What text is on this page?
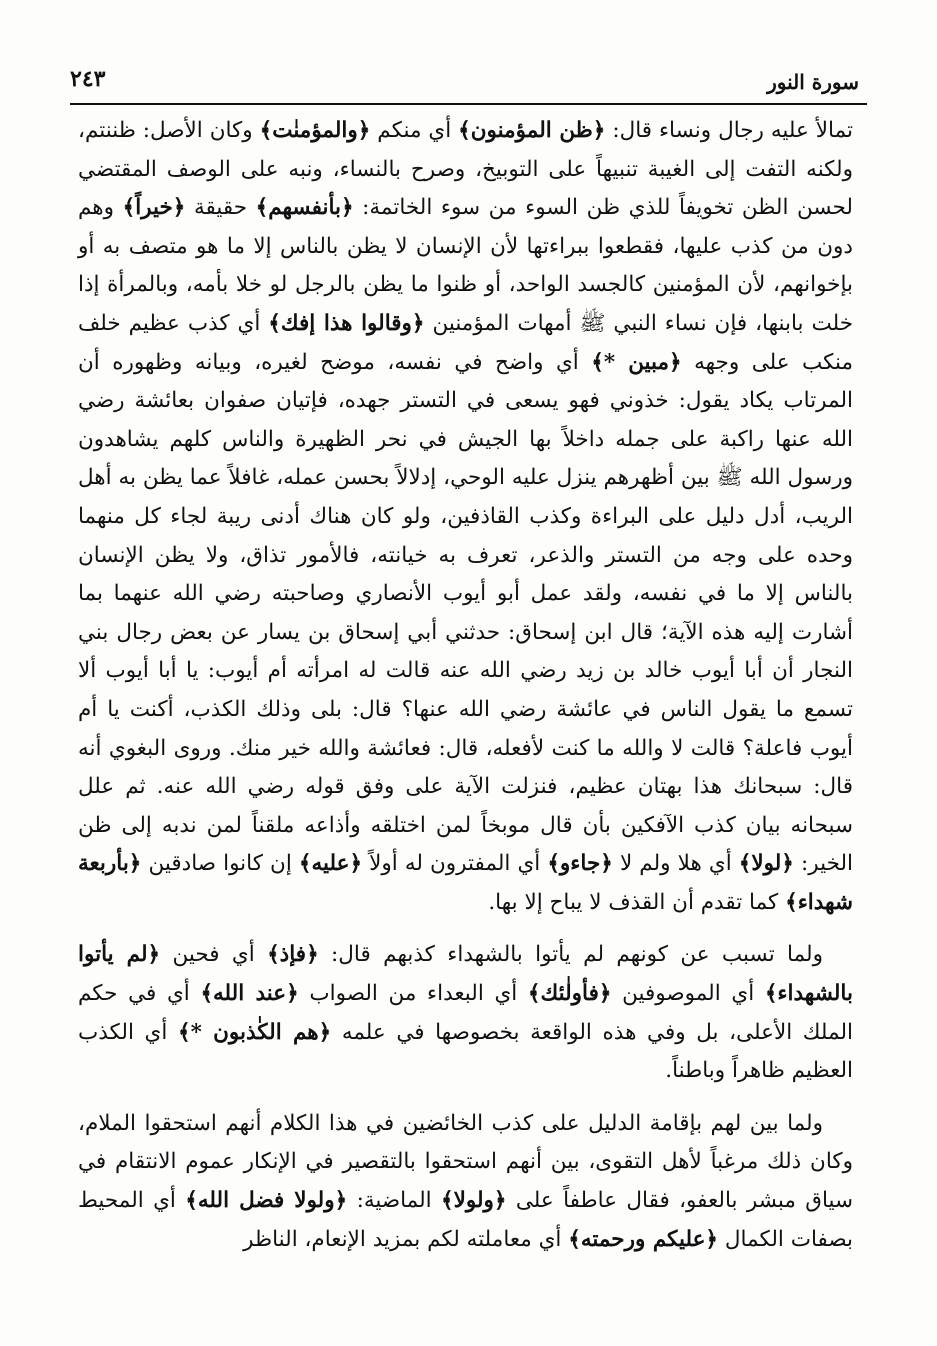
سورة النور
٢٤٣

تمالأ عليه رجال ونساء قال: ﴿ظن المؤمنون﴾ أي منكم ﴿والمؤمنٰت﴾ وكان الأصل: ظننتم، ولكنه التفت إلى الغيبة تنبيهاً على التوبيخ، وصرح بالنساء، ونبه على الوصف المقتضي لحسن الظن تخويفاً للذي ظن السوء من سوء الخاتمة: ﴿بأنفسهم﴾ حقيقة ﴿خيراً﴾ وهم دون من كذب عليها، فقطعوا ببراءتها لأن الإنسان لا يظن بالناس إلا ما هو متصف به أو بإخوانهم، لأن المؤمنين كالجسد الواحد، أو ظنوا ما يظن بالرجل لو خلا بأمه، وبالمرأة إذا خلت بابنها، فإن نساء النبي ﷺ أمهات المؤمنين ﴿وقالوا هذا إفك﴾ أي كذب عظيم خلف منكب على وجهه ﴿مبين *﴾ أي واضح في نفسه، موضح لغيره، وبيانه وظهوره أن المرتاب يكاد يقول: خذوني فهو يسعى في التستر جهده، فإتيان صفوان بعائشة رضي الله عنها راكبة على جمله داخلاً بها الجيش في نحر الظهيرة والناس كلهم يشاهدون ورسول الله ﷺ بين أظهرهم ينزل عليه الوحي، إدلالاً بحسن عمله، غافلاً عما يظن به أهل الريب، أدل دليل على البراءة وكذب القاذفين، ولو كان هناك أدنى ريبة لجاء كل منهما وحده على وجه من التستر والذعر، تعرف به خيانته، فالأمور تذاق، ولا يظن الإنسان بالناس إلا ما في نفسه، ولقد عمل أبو أيوب الأنصاري وصاحبته رضي الله عنهما بما أشارت إليه هذه الآية؛ قال ابن إسحاق: حدثني أبي إسحاق بن يسار عن بعض رجال بني النجار أن أبا أيوب خالد بن زيد رضي الله عنه قالت له امرأته أم أيوب: يا أبا أيوب ألا تسمع ما يقول الناس في عائشة رضي الله عنها؟ قال: بلى وذلك الكذب، أكنت يا أم أيوب فاعلة؟ قالت لا والله ما كنت لأفعله، قال: فعائشة والله خير منك. وروى البغوي أنه قال: سبحانك هذا بهتان عظيم، فنزلت الآية على وفق قوله رضي الله عنه. ثم علل سبحانه بيان كذب الآفكين بأن قال موبخاً لمن اختلقه وأذاعه ملقناً لمن ندبه إلى ظن الخير: ﴿لولا﴾ أي هلا ولم لا ﴿جاءو﴾ أي المفترون له أولاً ﴿عليه﴾ إن كانوا صادقين ﴿بأربعة شهداء﴾ كما تقدم أن القذف لا يباح إلا بها.

ولما تسبب عن كونهم لم يأتوا بالشهداء كذبهم قال: ﴿فإذ﴾ أي فحين ﴿لم يأتوا بالشهداء﴾ أي الموصوفين ﴿فأولٰئك﴾ أي البعداء من الصواب ﴿عند الله﴾ أي في حكم الملك الأعلى، بل وفي هذه الواقعة بخصوصها في علمه ﴿هم الكٰذبون *﴾ أي الكذب العظيم ظاهراً وباطناً.

ولما بين لهم بإقامة الدليل على كذب الخائضين في هذا الكلام أنهم استحقوا الملام، وكان ذلك مرغباً لأهل التقوى، بين أنهم استحقوا بالتقصير في الإنكار عموم الانتقام في سياق مبشر بالعفو، فقال عاطفاً على ﴿ولولا﴾ الماضية: ﴿ولولا فضل الله﴾ أي المحيط بصفات الكمال ﴿عليكم ورحمته﴾ أي معاملته لكم بمزيد الإنعام، الناظر
